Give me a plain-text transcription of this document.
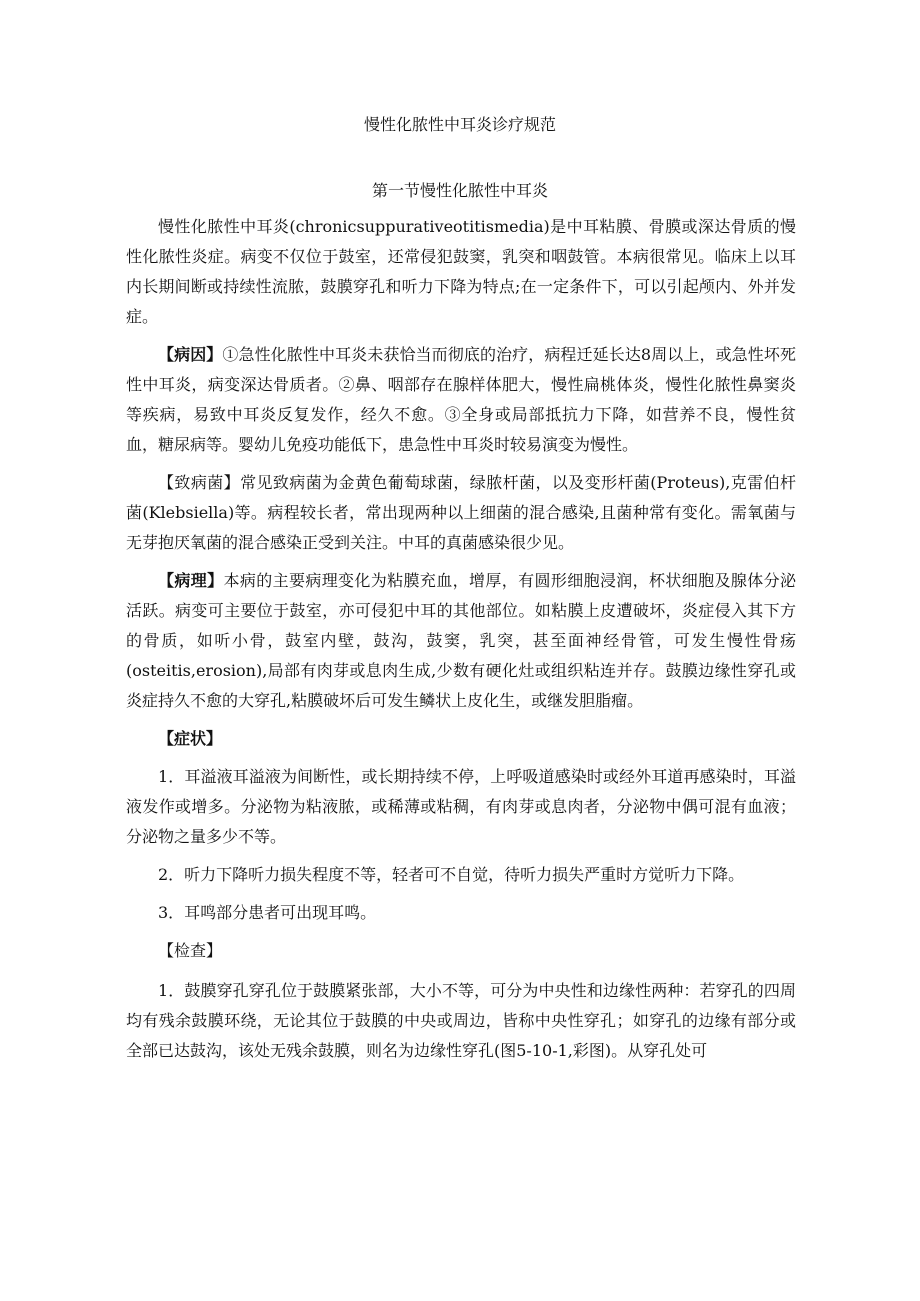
慢性化脓性中耳炎诊疗规范
第一节慢性化脓性中耳炎

慢性化脓性中耳炎(chronicsuppurativeotitismedia)是中耳粘膜、骨膜或深达骨质的慢性化脓性炎症。病变不仅位于鼓室，还常侵犯鼓窦，乳突和咽鼓管。本病很常见。临床上以耳内长期间断或持续性流脓，鼓膜穿孔和听力下降为特点;在一定条件下，可以引起颅内、外并发症。

【病因】①急性化脓性中耳炎未获恰当而彻底的治疗，病程迁延长达8周以上，或急性坏死性中耳炎，病变深达骨质者。②鼻、咽部存在腺样体肥大，慢性扁桃体炎，慢性化脓性鼻窦炎等疾病，易致中耳炎反复发作，经久不愈。③全身或局部抵抗力下降，如营养不良，慢性贫血，糖尿病等。婴幼儿免疫功能低下，患急性中耳炎时较易演变为慢性。

【致病菌】常见致病菌为金黄色葡萄球菌，绿脓杆菌，以及变形杆菌(Proteus),克雷伯杆菌(Klebsiella)等。病程较长者，常出现两种以上细菌的混合感染,且菌种常有变化。需氧菌与无芽抱厌氧菌的混合感染正受到关注。中耳的真菌感染很少见。

【病理】本病的主要病理变化为粘膜充血，增厚，有圆形细胞浸润，杯状细胞及腺体分泌活跃。病变可主要位于鼓室，亦可侵犯中耳的其他部位。如粘膜上皮遭破坏，炎症侵入其下方的骨质，如听小骨，鼓室内壁，鼓沟，鼓窦，乳突，甚至面神经骨管，可发生慢性骨疡(osteitis,erosion),局部有肉芽或息肉生成,少数有硬化灶或组织粘连并存。鼓膜边缘性穿孔或炎症持久不愈的大穿孔,粘膜破坏后可发生鳞状上皮化生，或继发胆脂瘤。

【症状】

1．耳溢液耳溢液为间断性，或长期持续不停，上呼吸道感染时或经外耳道再感染时，耳溢液发作或增多。分泌物为粘液脓，或稀薄或粘稠，有肉芽或息肉者，分泌物中偶可混有血液；分泌物之量多少不等。

2．听力下降听力损失程度不等，轻者可不自觉，待听力损失严重时方觉听力下降。

3．耳鸣部分患者可出现耳鸣。

【检查】

1．鼓膜穿孔穿孔位于鼓膜紧张部，大小不等，可分为中央性和边缘性两种：若穿孔的四周均有残余鼓膜环绕，无论其位于鼓膜的中央或周边，皆称中央性穿孔；如穿孔的边缘有部分或全部已达鼓沟，该处无残余鼓膜，则名为边缘性穿孔(图5-10-1,彩图)。从穿孔处可
